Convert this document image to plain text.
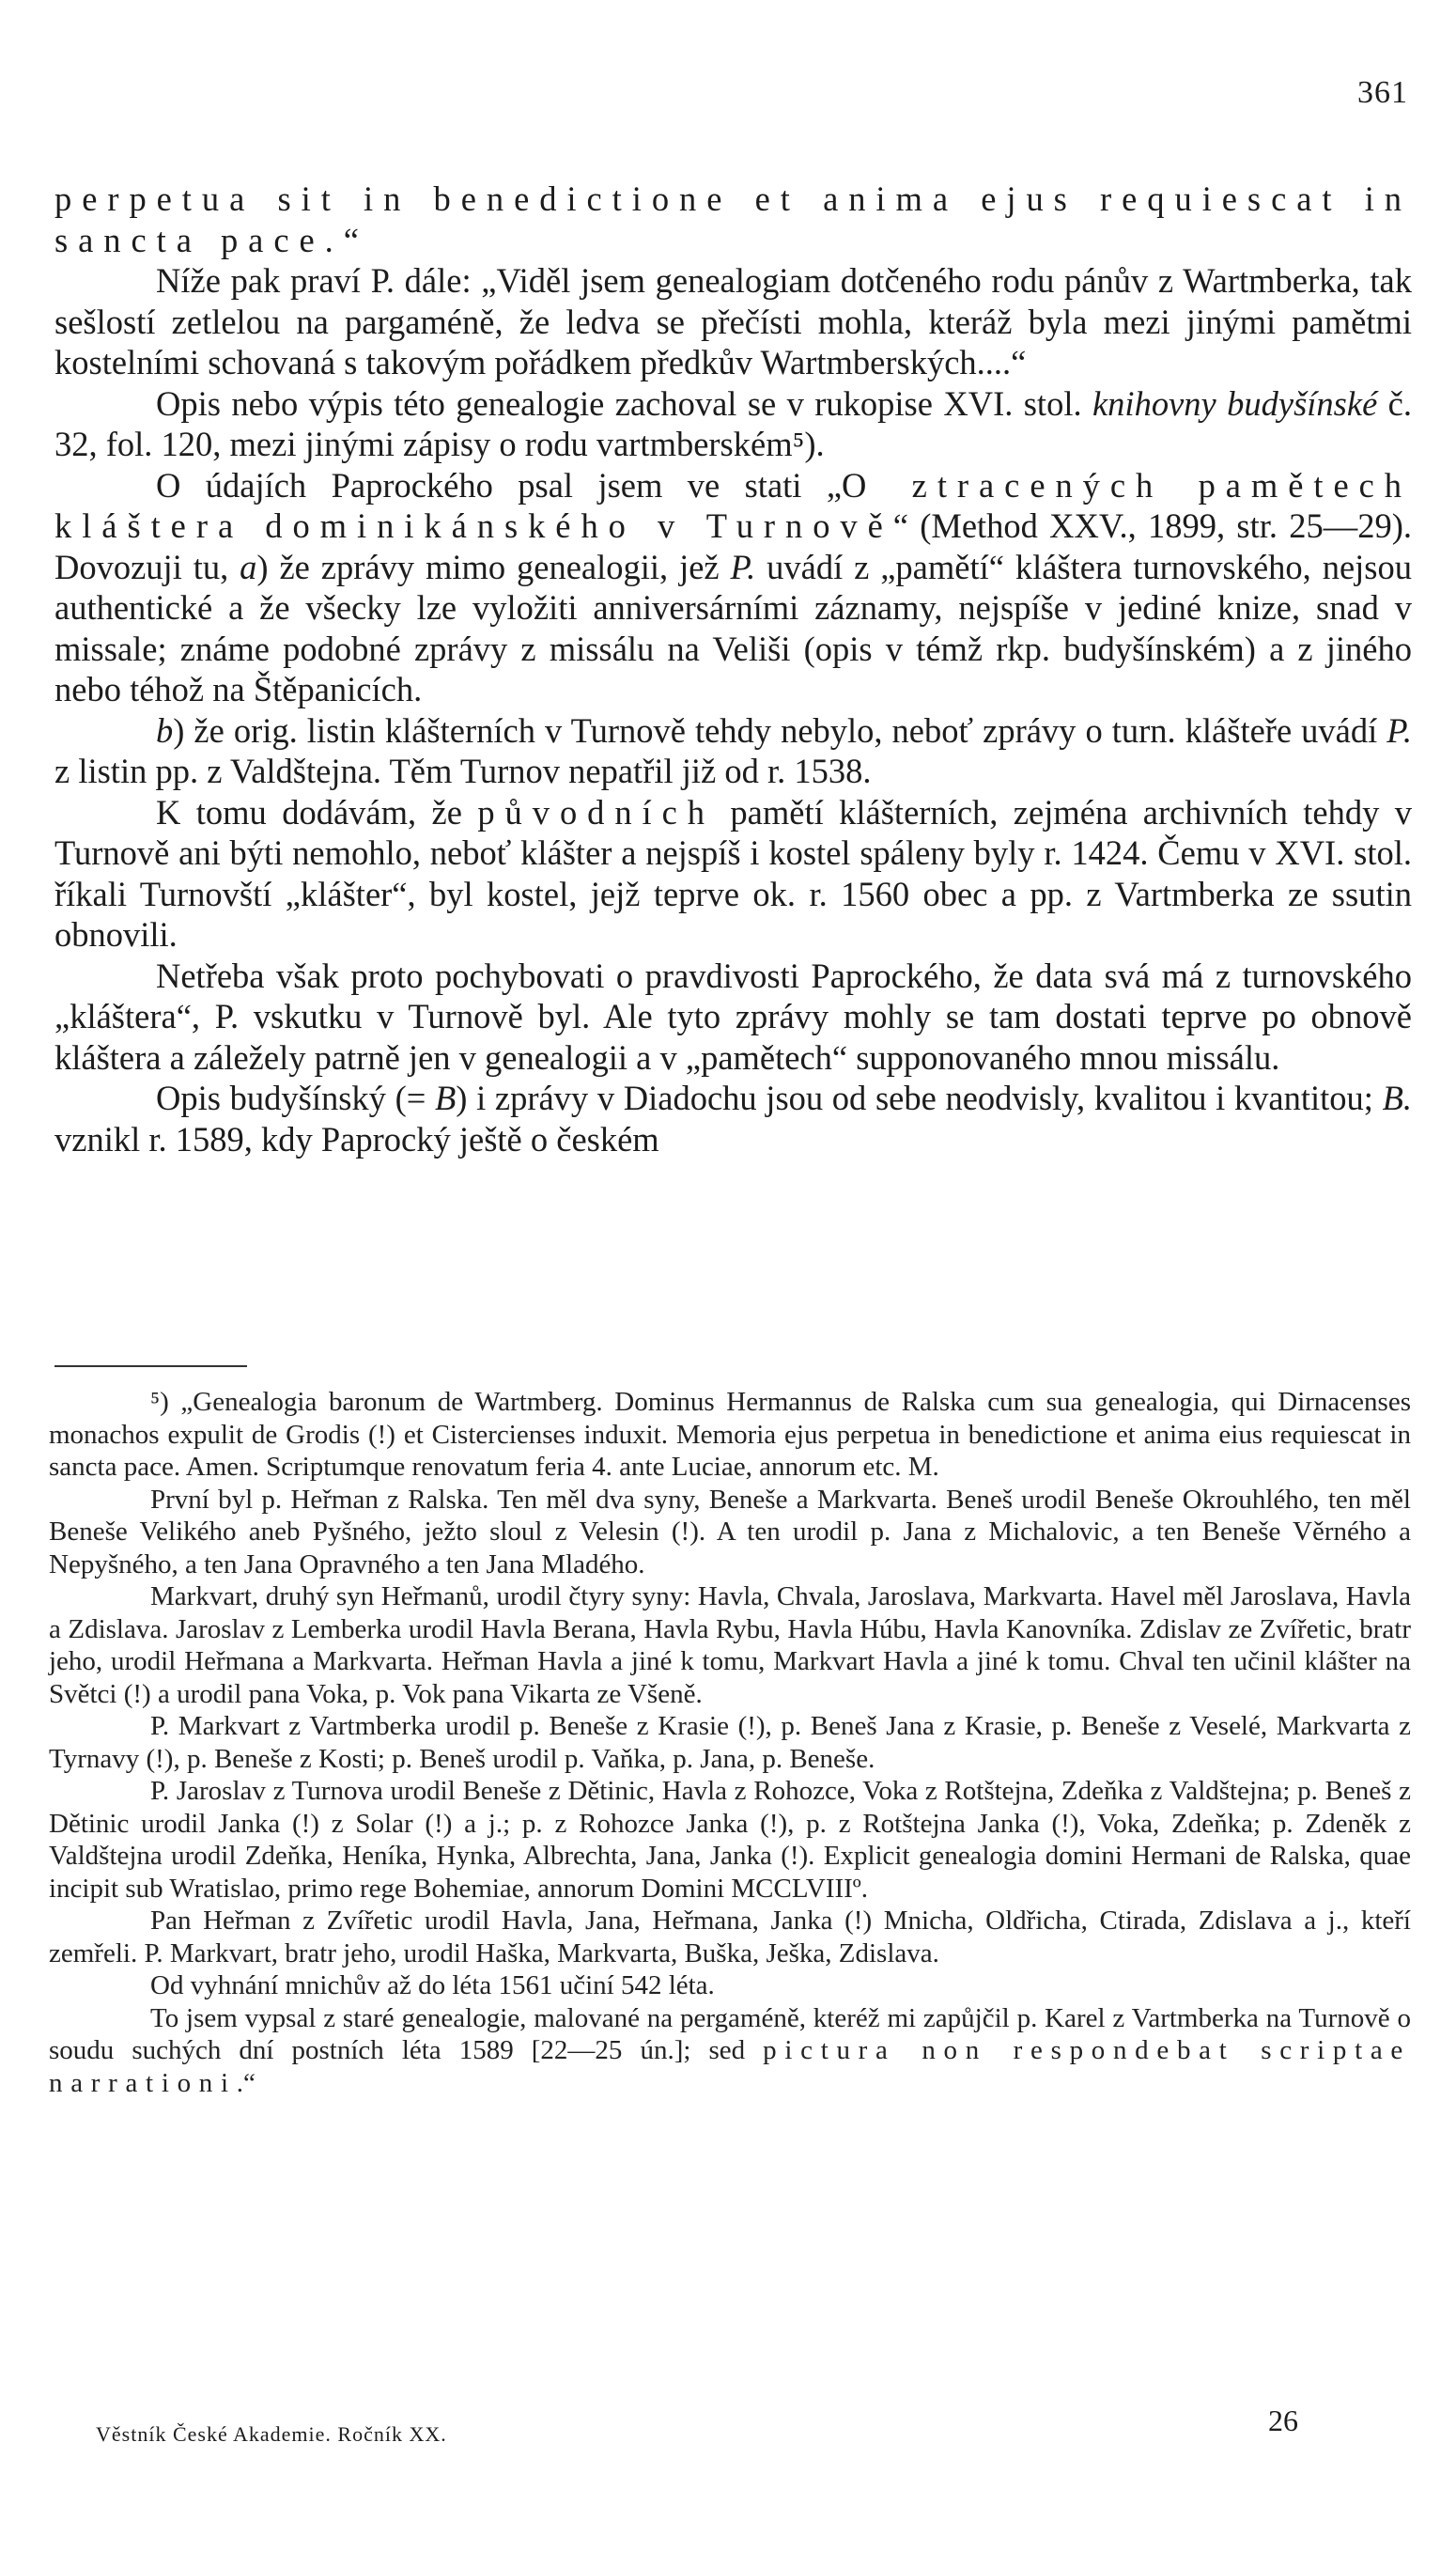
361

perpetua sit in benedictione et anima ejus requiescat in sancta pace.“

Níže pak praví P. dále: „Viděl jsem genealogiam dotčeného rodu pánův z Wartmberka, tak sešlostí zetlelou na pargaméně, že ledva se přečísti mohla, kteráž byla mezi jinými pamětmi kostelními schovaná s takovým pořádkem předkův Wartmberských....“

Opis nebo výpis této genealogie zachoval se v rukopise XVI. stol. knihovny budyšínské č. 32, fol. 120, mezi jinými zápisy o rodu vartmberském⁵).

O údajích Paprockého psal jsem ve stati „O ztracených pamětech kláštera dominikánského v Turnově“ (Method XXV., 1899, str. 25—29). Dovozuji tu, a) že zprávy mimo genealogii, jež P. uvádí z „pamětí“ kláštera turnovského, nejsou authentické a že všecky lze vyložiti anniversárními záznamy, nejspíše v jediné knize, snad v missale; známe podobné zprávy z missálu na Veliši (opis v témž rkp. budyšínském) a z jiného nebo téhož na Štěpanicích.

b) že orig. listin klášterních v Turnově tehdy nebylo, neboť zprávy o turn. klášteře uvádí P. z listin pp. z Valdštejna. Těm Turnov nepatřil již od r. 1538.

K tomu dodávám, že původních pamětí klášterních, zejména archivních tehdy v Turnově ani býti nemohlo, neboť klášter a nejspíš i kostel spáleny byly r. 1424. Čemu v XVI. stol. říkali Turnovští „klášter“, byl kostel, jejž teprve ok. r. 1560 obec a pp. z Vartmberka ze ssutin obnovili.

Netřeba však proto pochybovati o pravdivosti Paprockého, že data svá má z turnovského „kláštera“, P. vskutku v Turnově byl. Ale tyto zprávy mohly se tam dostati teprve po obnově kláštera a záležely patrně jen v genealogii a v „pamětech“ supponovaného mnou missálu.

Opis budyšínský (= B) i zprávy v Diadochu jsou od sebe neodvisly, kvalitou i kvantitou; B. vznikl r. 1589, kdy Paprocký ještě o českém

⁵) „Genealogia baronum de Wartmberg. Dominus Hermannus de Ralska cum sua genealogia, qui Dirnacenses monachos expulit de Grodis (!) et Cistercienses induxit. Memoria ejus perpetua in benedictione et anima eius requiescat in sancta pace. Amen. Scriptumque renovatum feria 4. ante Luciae, annorum etc. M.

První byl p. Heřman z Ralska. Ten měl dva syny, Beneše a Markvarta. Beneš urodil Beneše Okrouhlého, ten měl Beneše Velikého aneb Pyšného, ježto sloul z Velesin (!). A ten urodil p. Jana z Michalovic, a ten Beneše Věrného a Nepyšného, a ten Jana Opravného a ten Jana Mladého.

Markvart, druhý syn Heřmanů, urodil čtyry syny: Havla, Chvala, Jaroslava, Markvarta. Havel měl Jaroslava, Havla a Zdislava. Jaroslav z Lemberka urodil Havla Berana, Havla Rybu, Havla Húbu, Havla Kanovníka. Zdislav ze Zvířetic, bratr jeho, urodil Heřmana a Markvarta. Heřman Havla a jiné k tomu, Markvart Havla a jiné k tomu. Chval ten učinil klášter na Světci (!) a urodil pana Voka, p. Vok pana Vikarta ze Všeně.

P. Markvart z Vartmberka urodil p. Beneše z Krasie (!), p. Beneš Jana z Krasie, p. Beneše z Veselé, Markvarta z Tyrnavy (!), p. Beneše z Kosti; p. Beneš urodil p. Vaňka, p. Jana, p. Beneše.

P. Jaroslav z Turnova urodil Beneše z Dětinic, Havla z Rohozce, Voka z Rotštejna, Zdeňka z Valdštejna; p. Beneš z Dětinic urodil Janka (!) z Solar (!) a j.; p. z Rohozce Janka (!), p. z Rotštejna Janka (!), Voka, Zdeňka; p. Zdeněk z Valdštejna urodil Zdeňka, Heníka, Hynka, Albrechta, Jana, Janka (!). Explicit genealogia domini Hermani de Ralska, quae incipit sub Wratislao, primo rege Bohemiae, annorum Domini MCCLVIIIº.

Pan Heřman z Zvířetic urodil Havla, Jana, Heřmana, Janka (!) Mnicha, Oldřicha, Ctirada, Zdislava a j., kteří zemřeli. P. Markvart, bratr jeho, urodil Haška, Markvarta, Buška, Ješka, Zdislava.

Od vyhnání mnichův až do léta 1561 učiní 542 léta.

To jsem vypsal z staré genealogie, malované na pergaméně, kteréž mi zapůjčil p. Karel z Vartmberka na Turnově o soudu suchých dní postních léta 1589 [22—25 ún.]; sed pictura non respondebat scriptae narrationi.“

Věstník České Akademie. Ročník XX.	26
